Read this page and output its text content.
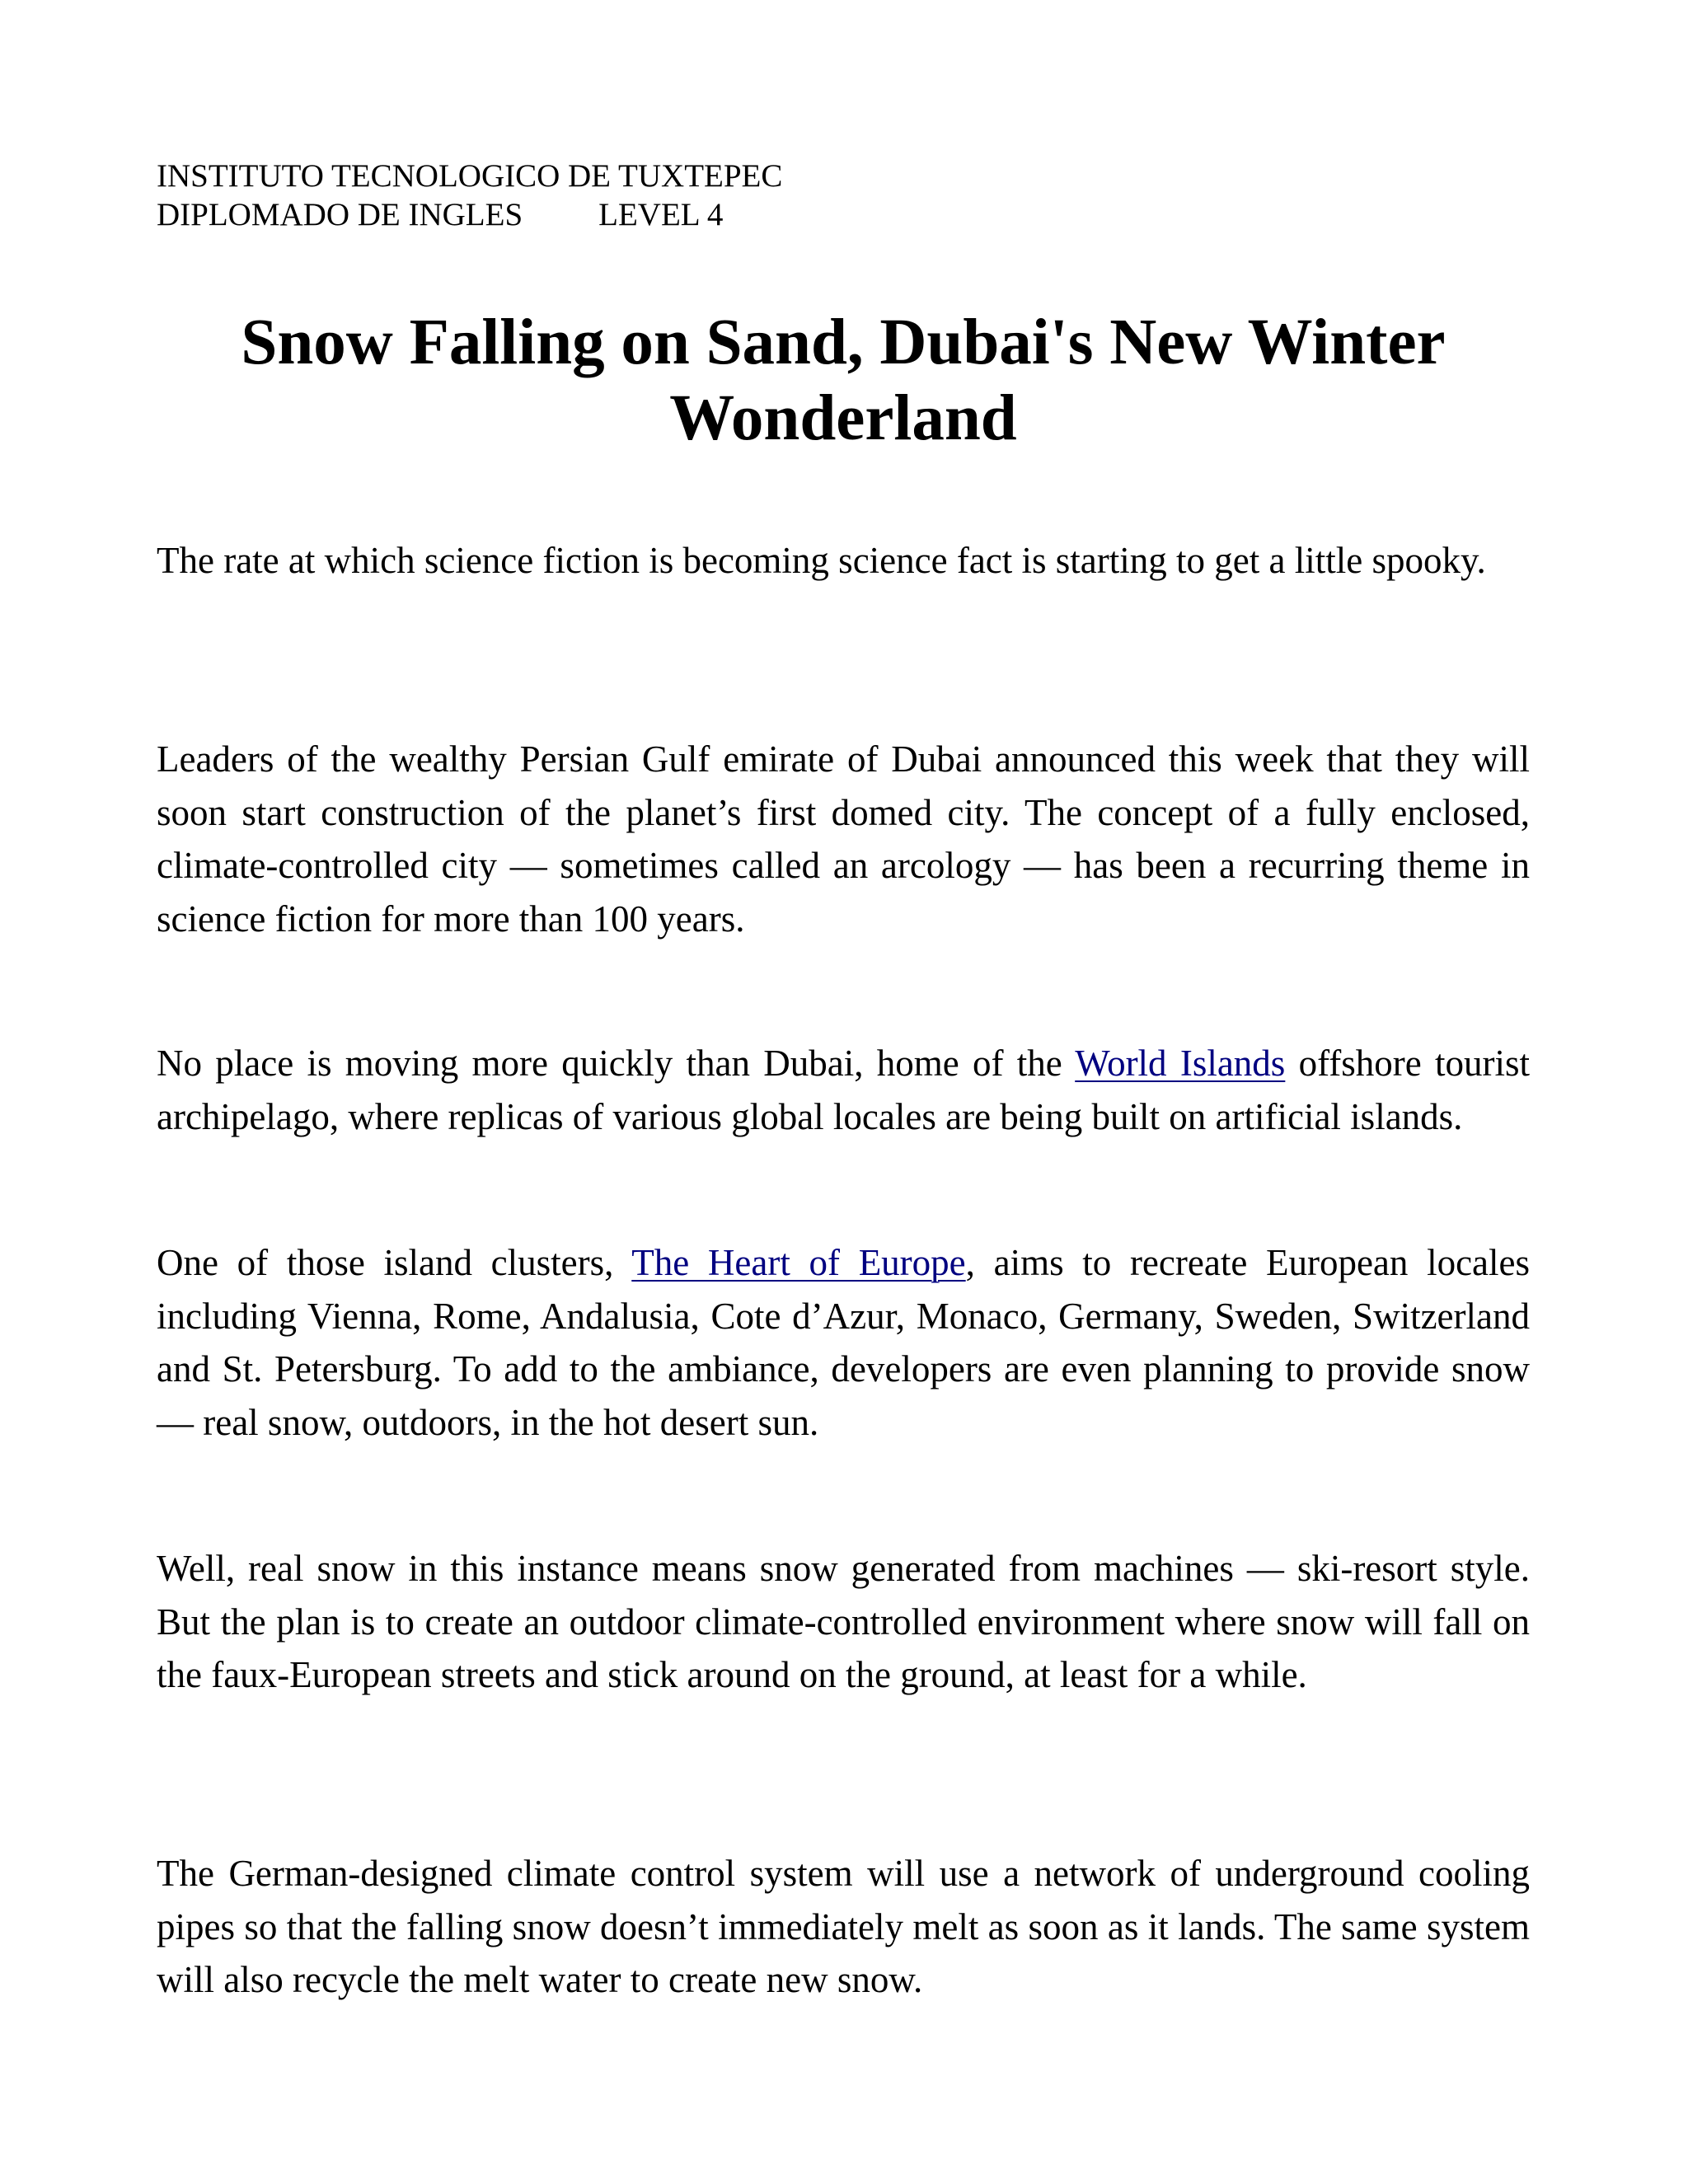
INSTITUTO TECNOLOGICO DE TUXTEPEC
DIPLOMADO DE INGLES LEVEL 4
Snow Falling on Sand, Dubai's New Winter Wonderland

The rate at which science fiction is becoming science fact is starting to get a little spooky.

Leaders of the wealthy Persian Gulf emirate of Dubai announced this week that they will soon start construction of the planet’s first domed city. The concept of a fully enclosed, climate-controlled city — sometimes called an arcology — has been a recurring theme in science fiction for more than 100 years.

No place is moving more quickly than Dubai, home of the World Islands offshore tourist archipelago, where replicas of various global locales are being built on artificial islands.

One of those island clusters, The Heart of Europe, aims to recreate European locales including Vienna, Rome, Andalusia, Cote d’Azur, Monaco, Germany, Sweden, Switzerland and St. Petersburg. To add to the ambiance, developers are even planning to provide snow — real snow, outdoors, in the hot desert sun.

Well, real snow in this instance means snow generated from machines — ski-resort style. But the plan is to create an outdoor climate-controlled environment where snow will fall on the faux-European streets and stick around on the ground, at least for a while.

The German-designed climate control system will use a network of underground cooling pipes so that the falling snow doesn’t immediately melt as soon as it lands. The same system will also recycle the melt water to create new snow.
